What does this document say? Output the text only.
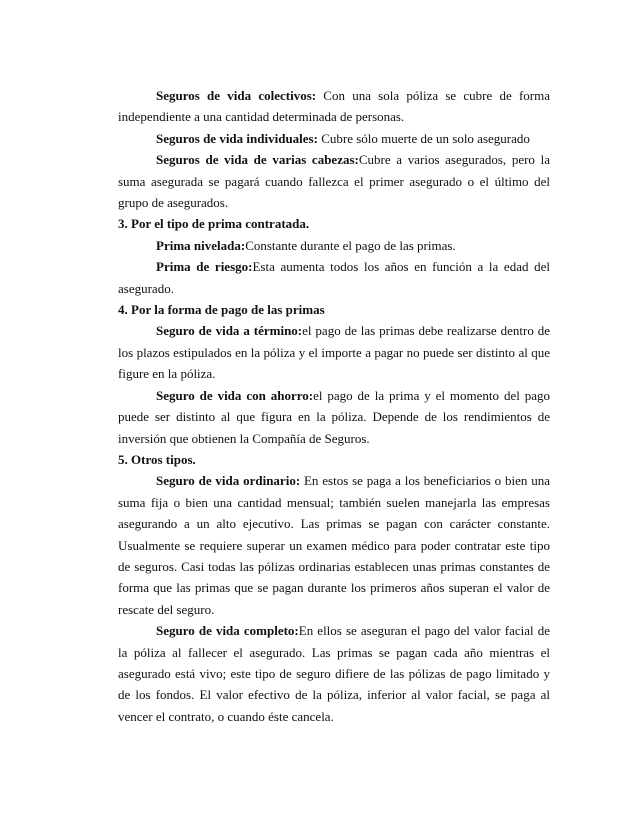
Seguros de vida colectivos: Con una sola póliza se cubre de forma independiente a una cantidad determinada de personas.

Seguros de vida individuales: Cubre sólo muerte de un solo asegurado

Seguros de vida de varias cabezas:Cubre a varios asegurados, pero la suma asegurada se pagará cuando fallezca el primer asegurado o el último del grupo de asegurados.

3. Por el tipo de prima contratada.

Prima nivelada:Constante durante el pago de las primas.

Prima de riesgo:Esta aumenta todos los años en función a la edad del asegurado.

4. Por la forma de pago de las primas

Seguro de vida a término:el pago de las primas debe realizarse dentro de los plazos estipulados en la póliza y el importe a pagar no puede ser distinto al que figure en la póliza.

Seguro de vida con ahorro:el pago de la prima y el momento del pago puede ser distinto al que figura en la póliza. Depende de los rendimientos de inversión que obtienen la Compañía de Seguros.

5. Otros tipos.

Seguro de vida ordinario: En estos se paga a los beneficiarios o bien una suma fija o bien una cantidad mensual; también suelen manejarla las empresas asegurando a un alto ejecutivo. Las primas se pagan con carácter constante. Usualmente se requiere superar un examen médico para poder contratar este tipo de seguros. Casi todas las pólizas ordinarias establecen unas primas constantes de forma que las primas que se pagan durante los primeros años superan el valor de rescate del seguro.

Seguro de vida completo:En ellos se aseguran el pago del valor facial de la póliza al fallecer el asegurado. Las primas se pagan cada año mientras el asegurado está vivo; este tipo de seguro difiere de las pólizas de pago limitado y de los fondos. El valor efectivo de la póliza, inferior al valor facial, se paga al vencer el contrato, o cuando éste cancela.
